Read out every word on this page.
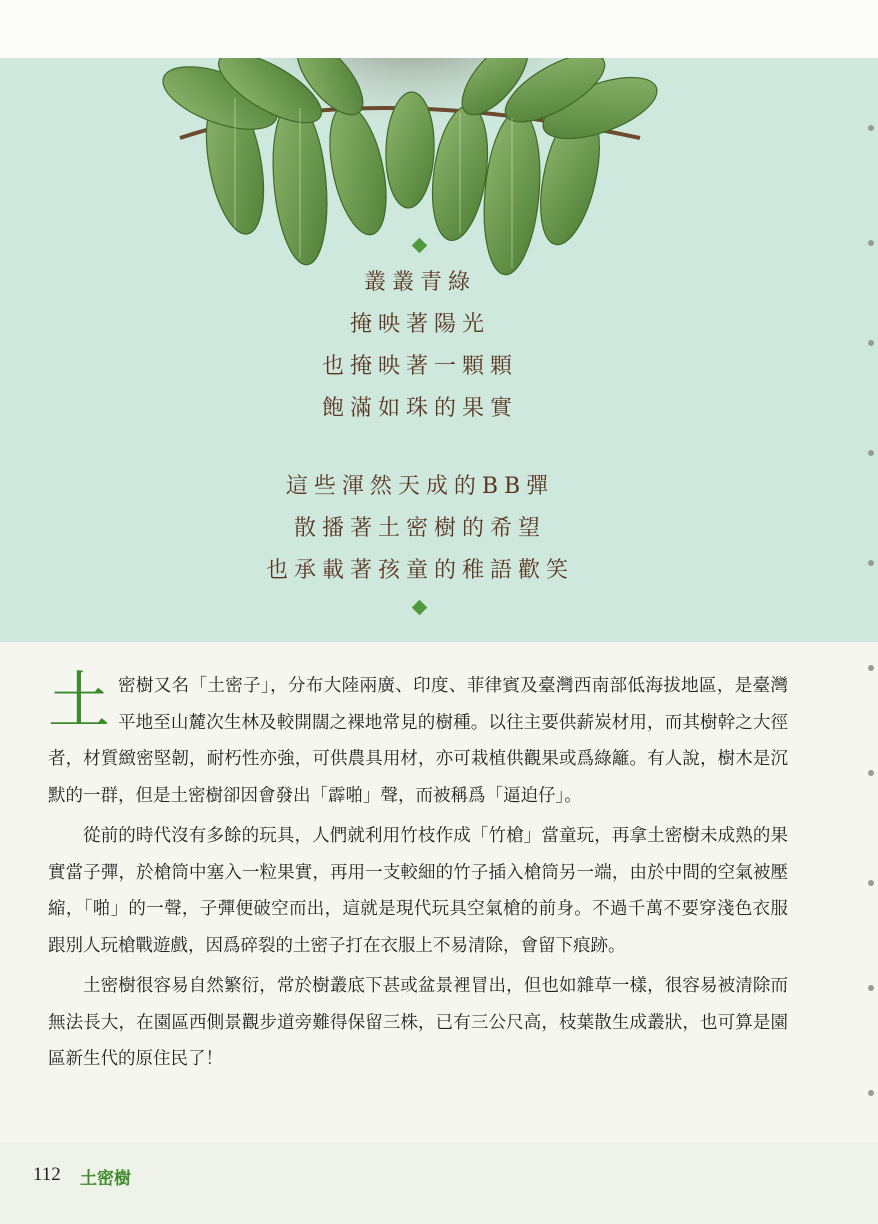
叢叢青綠
掩映著陽光
也掩映著一顆顆
飽滿如珠的果實
這些渾然天成的BB彈
散播著土密樹的希望
也承載著孩童的稚語歡笑

土 密樹又名「土密子」，分布大陸兩廣、印度、菲律賓及臺灣西南部低海拔地區，是臺灣平地至山麓次生林及較開闊之裸地常見的樹種。以往主要供薪炭材用，而其樹幹之大徑者，材質緻密堅韌，耐朽性亦強，可供農具用材，亦可栽植供觀果或爲綠籬。有人說，樹木是沉默的一群，但是土密樹卻因會發出「霹啪」聲，而被稱爲「逼迫仔」。

從前的時代沒有多餘的玩具，人們就利用竹枝作成「竹槍」當童玩，再拿土密樹未成熟的果實當子彈，於槍筒中塞入一粒果實，再用一支較細的竹子插入槍筒另一端，由於中間的空氣被壓縮，「啪」的一聲，子彈便破空而出，這就是現代玩具空氣槍的前身。不過千萬不要穿淺色衣服跟別人玩槍戰遊戲，因爲碎裂的土密子打在衣服上不易清除，會留下痕跡。

土密樹很容易自然繁衍，常於樹叢底下甚或盆景裡冒出，但也如雜草一樣，很容易被清除而無法長大，在園區西側景觀步道旁難得保留三株，已有三公尺高，枝葉散生成叢狀，也可算是園區新生代的原住民了！

112 土密樹
